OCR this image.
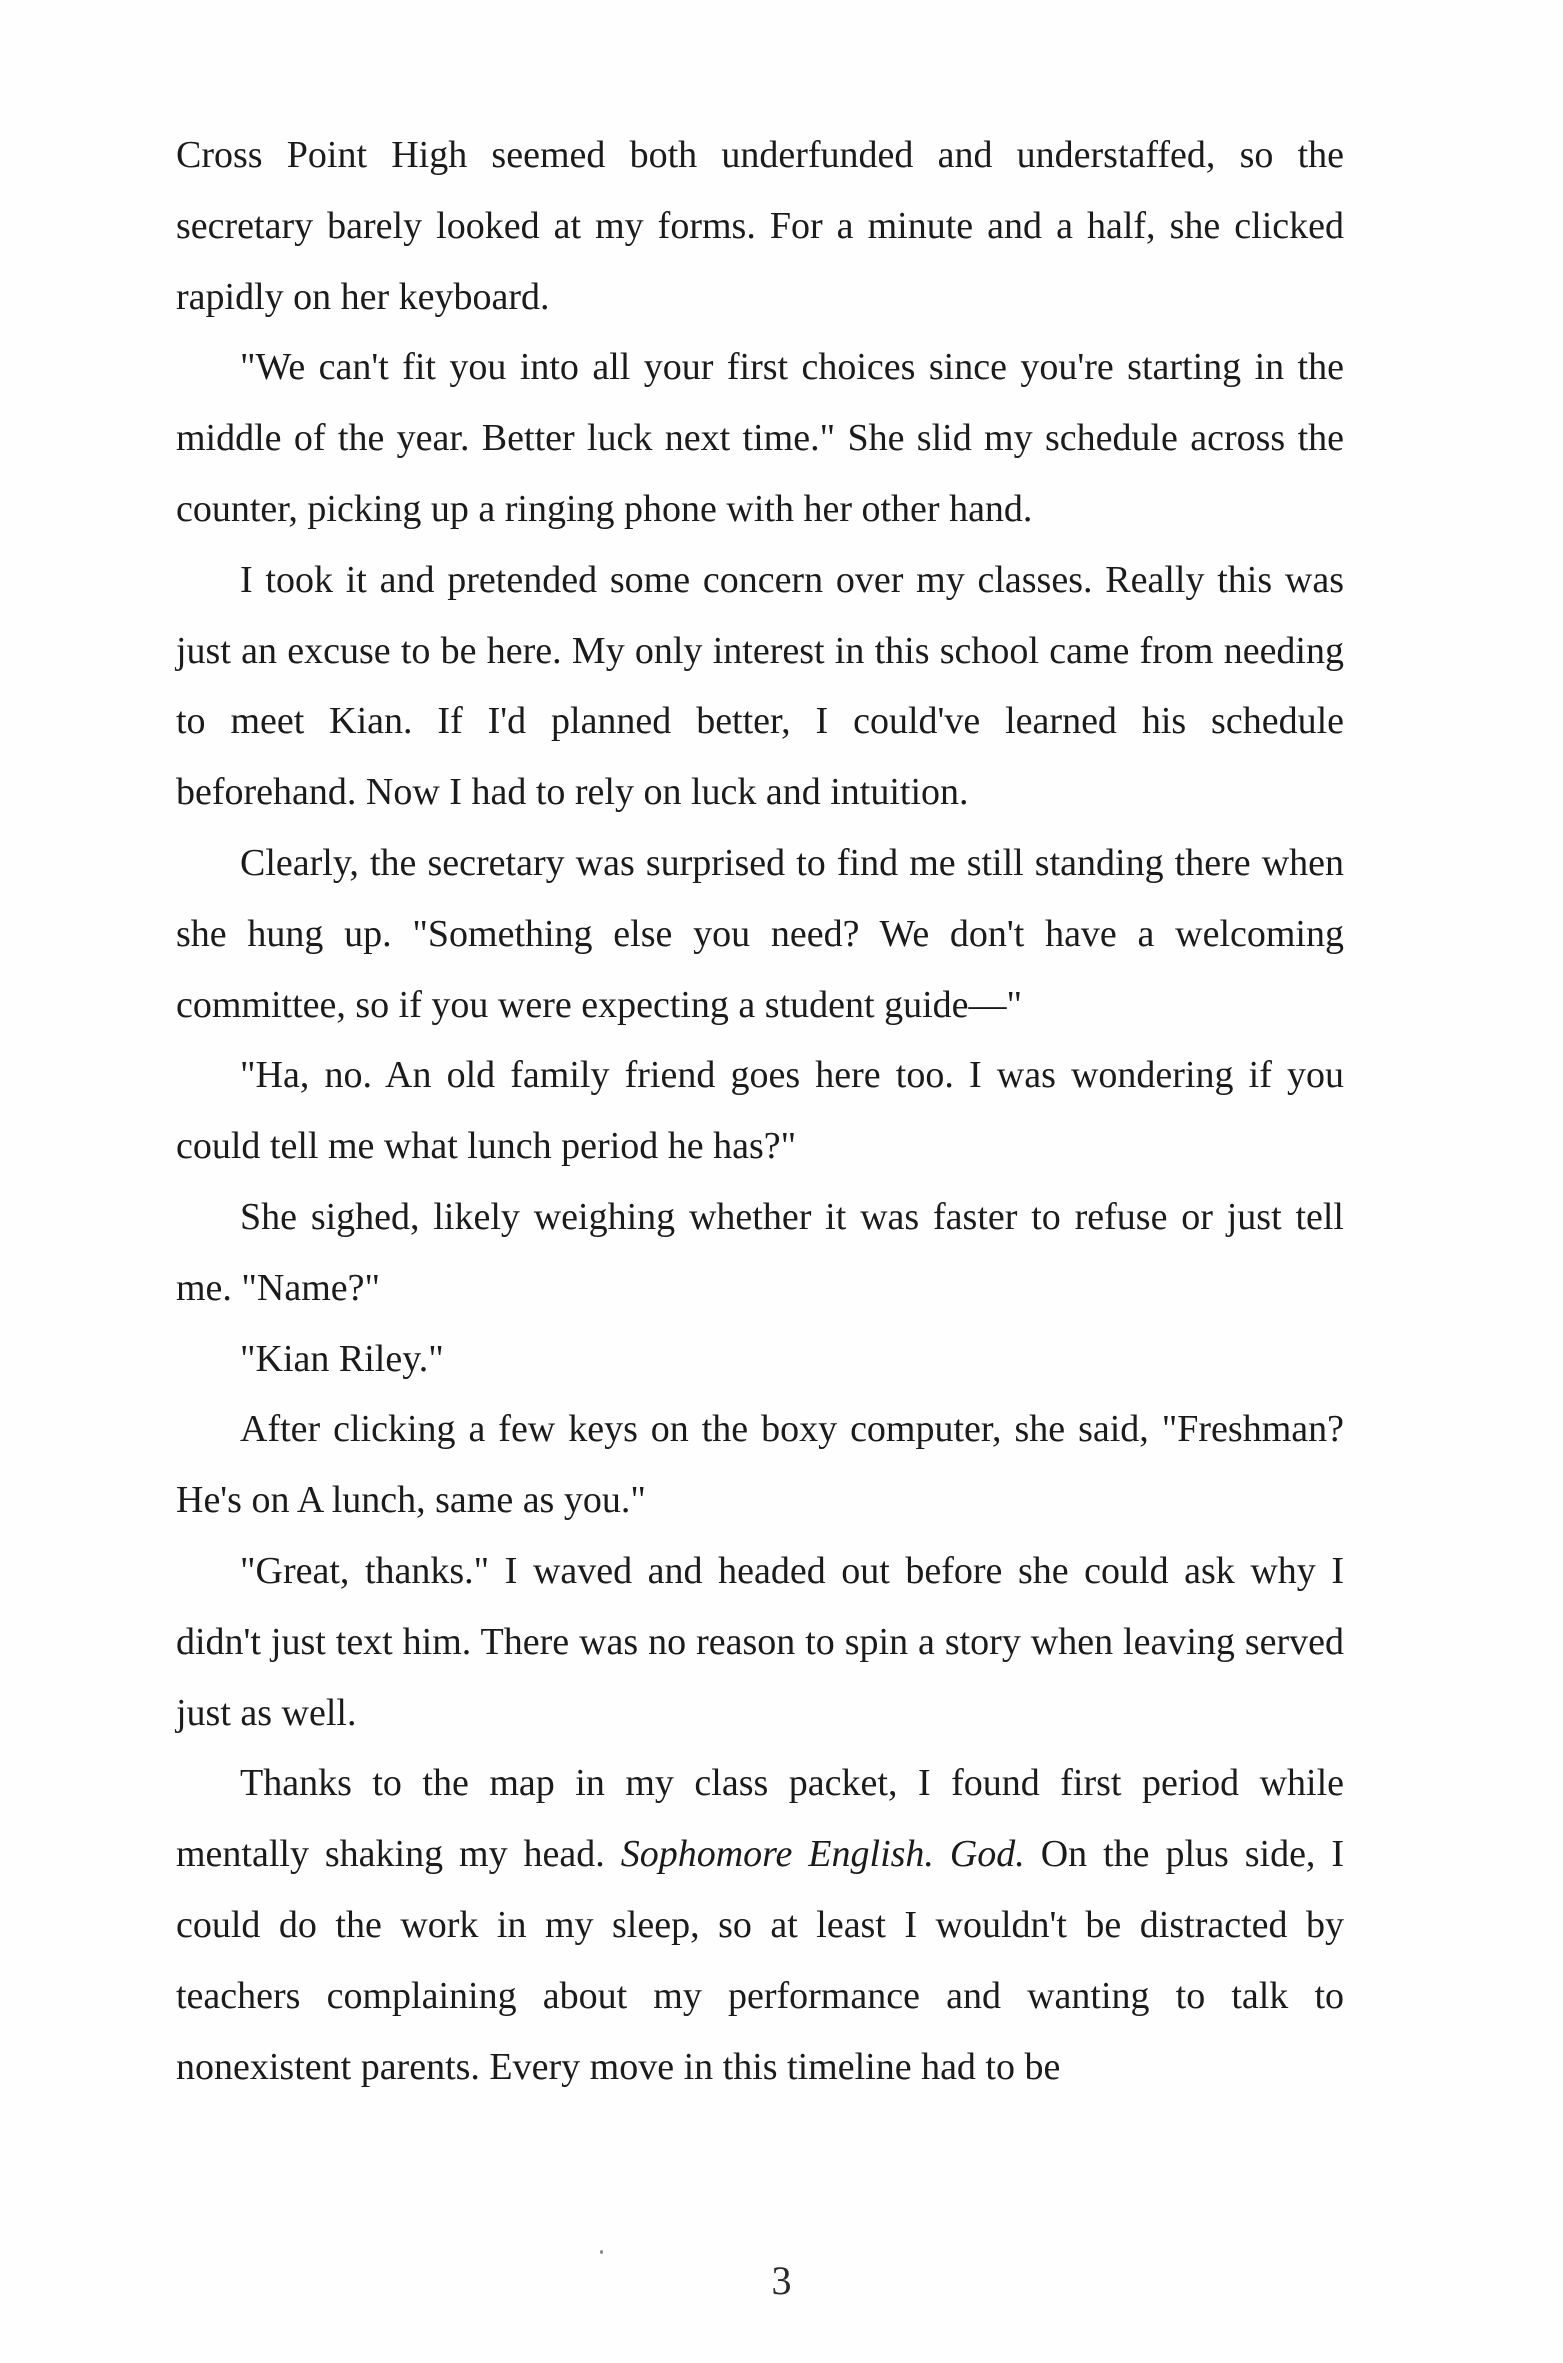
Cross Point High seemed both underfunded and understaffed, so the secretary barely looked at my forms. For a minute and a half, she clicked rapidly on her keyboard.

"We can't fit you into all your first choices since you're starting in the middle of the year. Better luck next time." She slid my schedule across the counter, picking up a ringing phone with her other hand.

I took it and pretended some concern over my classes. Really this was just an excuse to be here. My only interest in this school came from needing to meet Kian. If I'd planned better, I could've learned his schedule beforehand. Now I had to rely on luck and intuition.

Clearly, the secretary was surprised to find me still standing there when she hung up. "Something else you need? We don't have a welcoming committee, so if you were expecting a student guide—"

"Ha, no. An old family friend goes here too. I was wondering if you could tell me what lunch period he has?"

She sighed, likely weighing whether it was faster to refuse or just tell me. "Name?"

"Kian Riley."

After clicking a few keys on the boxy computer, she said, "Freshman? He's on A lunch, same as you."

"Great, thanks." I waved and headed out before she could ask why I didn't just text him. There was no reason to spin a story when leaving served just as well.

Thanks to the map in my class packet, I found first period while mentally shaking my head. Sophomore English. God. On the plus side, I could do the work in my sleep, so at least I wouldn't be distracted by teachers complaining about my performance and wanting to talk to nonexistent parents. Every move in this timeline had to be

3
